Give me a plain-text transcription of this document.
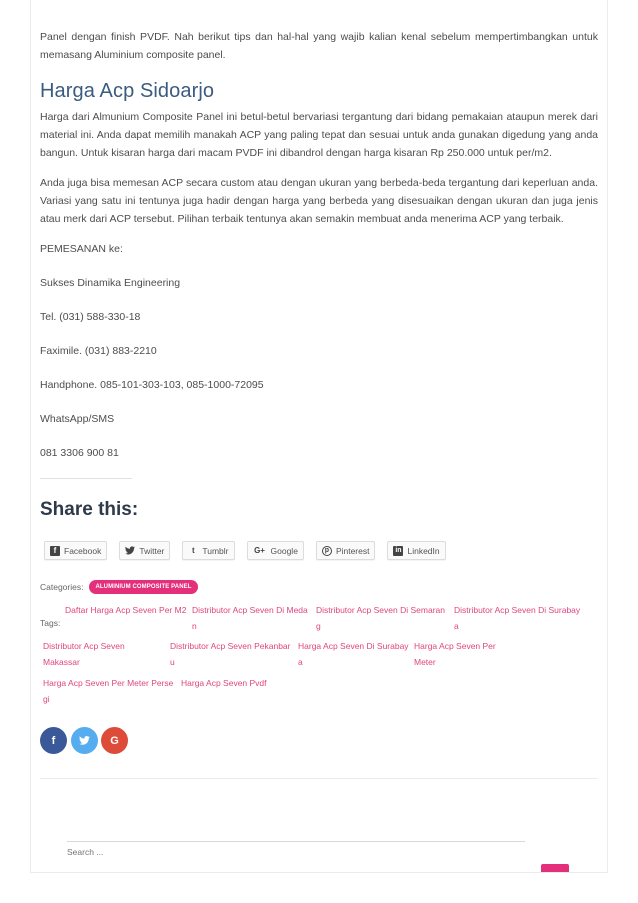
Panel dengan finish PVDF. Nah berikut tips dan hal-hal yang wajib kalian kenal sebelum mempertimbangkan untuk memasang Aluminium composite panel.

Harga Acp Sidoarjo

Harga dari Almunium Composite Panel ini betul-betul bervariasi tergantung dari bidang pemakaian ataupun merek dari material ini. Anda dapat memilih manakah ACP yang paling tepat dan sesuai untuk anda gunakan digedung yang anda bangun. Untuk kisaran harga dari macam PVDF ini dibandrol dengan harga kisaran Rp 250.000 untuk per/m2.

Anda juga bisa memesan ACP secara custom atau dengan ukuran yang berbeda-beda tergantung dari keperluan anda. Variasi yang satu ini tentunya juga hadir dengan harga yang berbeda yang disesuaikan dengan ukuran dan juga jenis atau merk dari ACP tersebut. Pilihan terbaik tentunya akan semakin membuat anda menerima ACP yang terbaik.

PEMESANAN ke:

Sukses Dinamika Engineering

Tel. (031) 588-330-18

Faximile. (031) 883-2210

Handphone. 085-101-303-103, 085-1000-72095

WhatsApp/SMS

081 3306 900 81

Share this:
f Facebook	Twitter	t Tumblr	G+ Google	p Pinterest	in LinkedIn
Categories:	ALUMINIUM COMPOSITE PANEL
Tags:
Daftar Harga Acp Seven Per M2 Distributor Acp Seven Di Medan
Distributor Acp Seven Di Semarang
Distributor Acp Seven Di Surabaya
Distributor Acp Seven Makassar
Distributor Acp Seven Pekanbaru
Harga Acp Seven Di Surabaya
Harga Acp Seven Per Meter
Harga Acp Seven Per Meter Persegi
Harga Acp Seven Pvdf
f	G
Search ...
